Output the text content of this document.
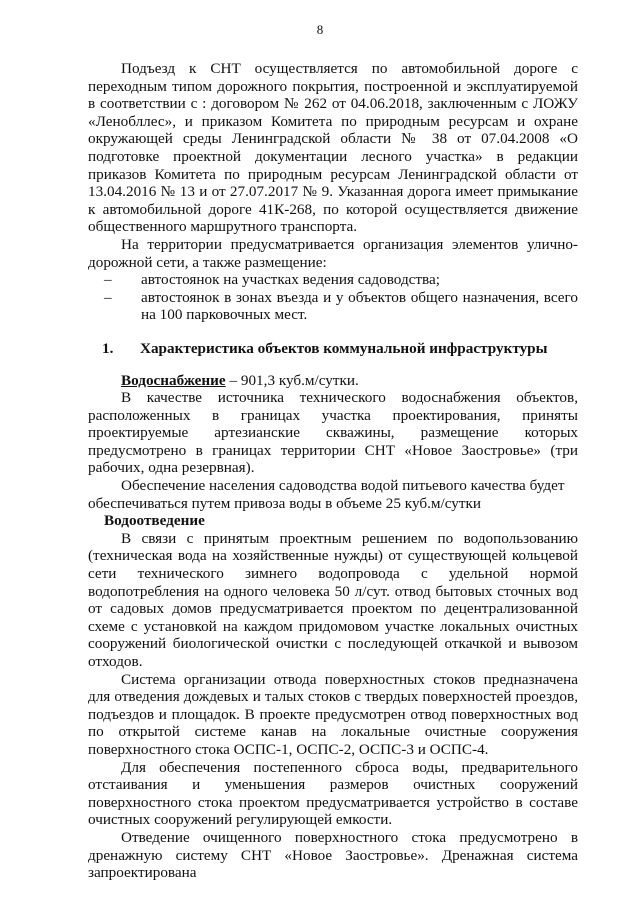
8

Подъезд к СНТ осуществляется по автомобильной дороге с переходным типом дорожного покрытия, построенной и эксплуатируемой в соответствии с : договором № 262 от 04.06.2018, заключенным с ЛОЖУ «Ленобллес», и приказом Комитета по природным ресурсам и охране окружающей среды Ленинградской области № 38 от 07.04.2008 «О подготовке проектной документации лесного участка» в редакции приказов Комитета по природным ресурсам Ленинградской области от 13.04.2016 № 13 и от 27.07.2017 № 9. Указанная дорога имеет примыкание к автомобильной дороге 41К-268, по которой осуществляется движение общественного маршрутного транспорта.

На территории предусматривается организация элементов улично-дорожной сети, а также размещение:

– автостоянок на участках ведения садоводства;

– автостоянок в зонах въезда и у объектов общего назначения, всего на 100 парковочных мест.

1. Характеристика объектов коммунальной инфраструктуры

Водоснабжение – 901,3 куб.м/сутки.

В качестве источника технического водоснабжения объектов, расположенных в границах участка проектирования, приняты проектируемые артезианские скважины, размещение которых предусмотрено в границах территории СНТ «Новое Заостровье» (три рабочих, одна резервная).

Обеспечение населения садоводства водой питьевого качества будет обеспечиваться путем привоза воды в объеме 25 куб.м/сутки

Водоотведение

В связи с принятым проектным решением по водопользованию (техническая вода на хозяйственные нужды) от существующей кольцевой сети технического зимнего водопровода с удельной нормой водопотребления на одного человека 50 л/сут. отвод бытовых сточных вод от садовых домов предусматривается проектом по децентрализованной схеме с установкой на каждом придомовом участке локальных очистных сооружений биологической очистки с последующей откачкой и вывозом отходов.

Система организации отвода поверхностных стоков предназначена для отведения дождевых и талых стоков с твердых поверхностей проездов, подъездов и площадок. В проекте предусмотрен отвод поверхностных вод по открытой системе канав на локальные очистные сооружения поверхностного стока ОСПС-1, ОСПС-2, ОСПС-3 и ОСПС-4.

Для обеспечения постепенного сброса воды, предварительного отстаивания и уменьшения размеров очистных сооружений поверхностного стока проектом предусматривается устройство в составе очистных сооружений регулирующей емкости.

Отведение очищенного поверхностного стока предусмотрено в дренажную систему СНТ «Новое Заостровье». Дренажная система запроектирована
